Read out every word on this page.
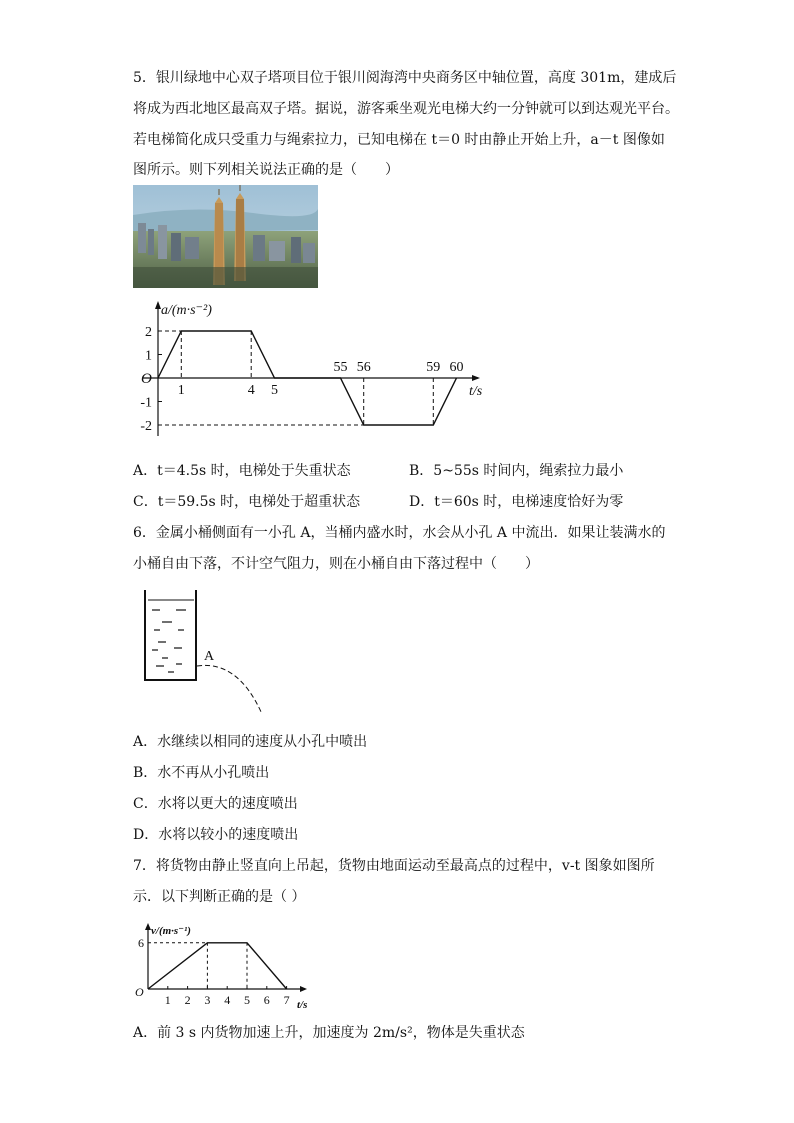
5．银川绿地中心双子塔项目位于银川阅海湾中央商务区中轴位置，高度 301m，建成后
将成为西北地区最高双子塔。据说，游客乘坐观光电梯大约一分钟就可以到达观光平台。
若电梯简化成只受重力与绳索拉力，已知电梯在 t＝0 时由静止开始上升，a－t 图像如
图所示。则下列相关说法正确的是（　　）
2
1
-1
-2
1	4 5
55 56	59 60
a/(m·s⁻²)
t/s
O
A．t＝4.5s 时，电梯处于失重状态	B．5~55s 时间内，绳索拉力最小
C．t＝59.5s 时，电梯处于超重状态	D．t＝60s 时，电梯速度恰好为零
6．金属小桶侧面有一小孔 A，当桶内盛水时，水会从小孔 A 中流出．如果让装满水的
小桶自由下落，不计空气阻力，则在小桶自由下落过程中（　　）
A
A．水继续以相同的速度从小孔中喷出
B．水不再从小孔喷出
C．水将以更大的速度喷出
D．水将以较小的速度喷出
7．将货物由静止竖直向上吊起，货物由地面运动至最高点的过程中，v-t 图象如图所
示．以下判断正确的是（ ）
1 2 3 4 5 6 7
6
v/(m·s⁻¹)
t/s
O
A．前 3 s 内货物加速上升，加速度为 2m/s²，物体是失重状态
